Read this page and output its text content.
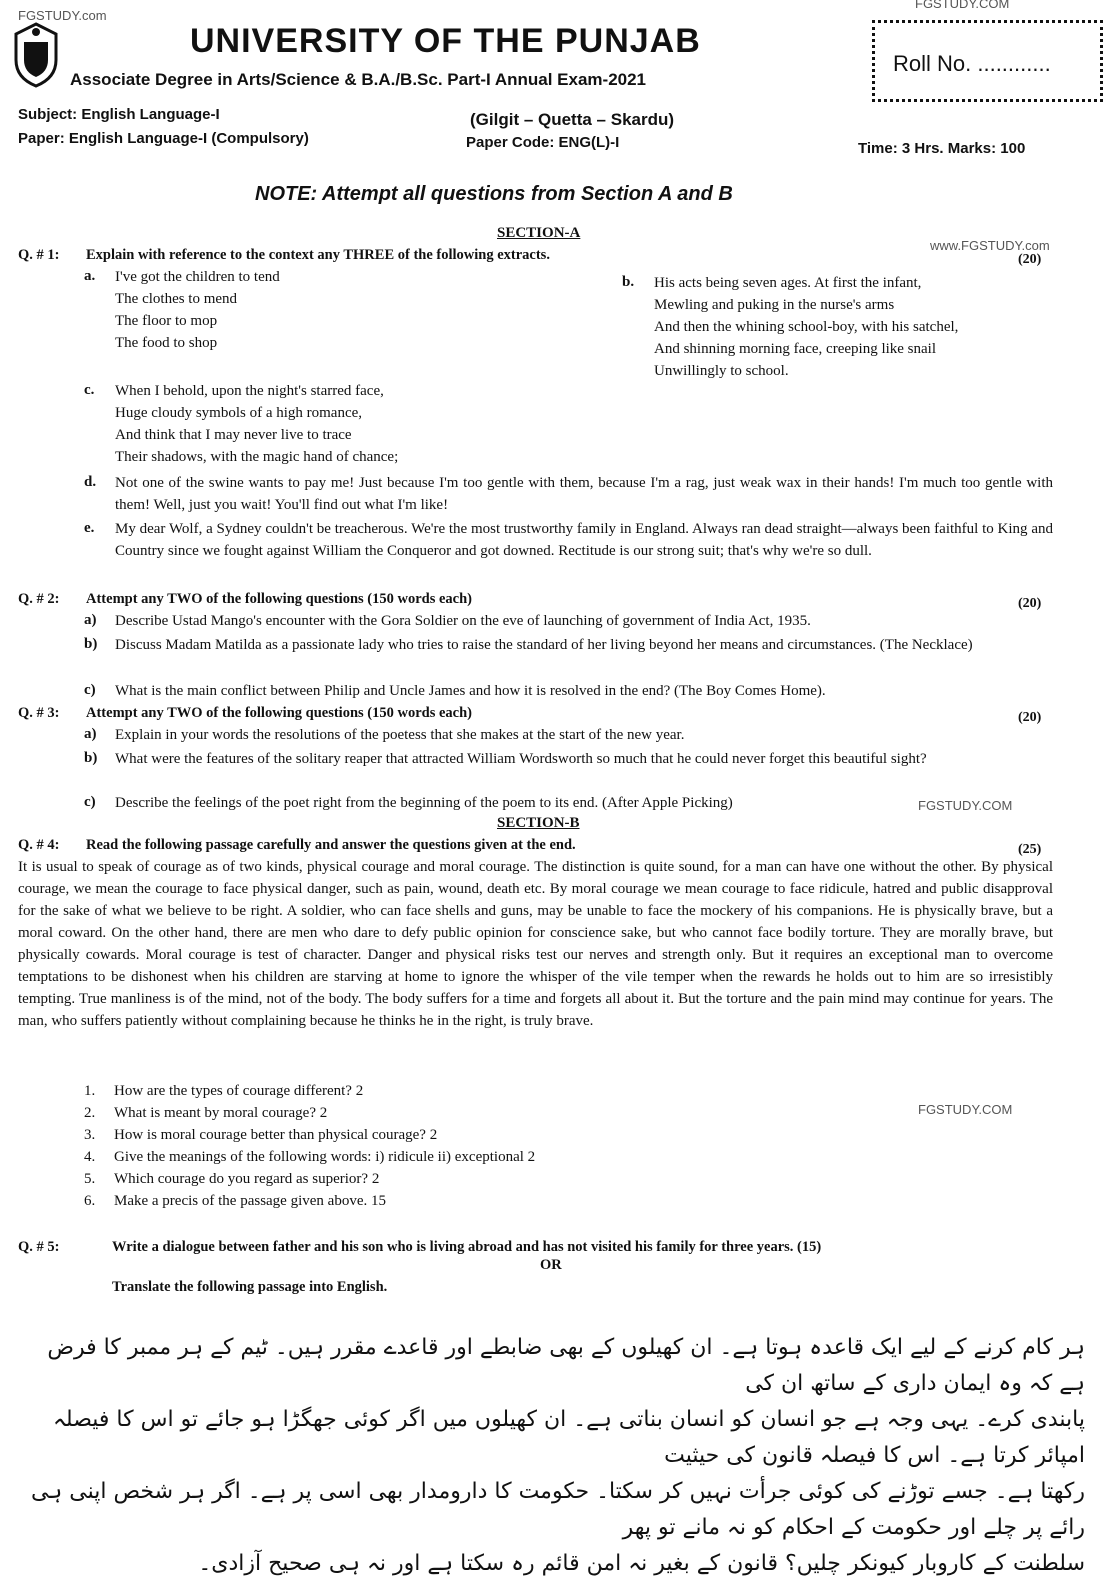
FGSTUDY.com
FGSTUDY.COM
www.FGSTUDY.com
FGSTUDY.COM
FGSTUDY.COM
UNIVERSITY OF THE PUNJAB
Associate Degree in Arts/Science & B.A./B.Sc. Part-I Annual Exam-2021
Roll No. ............
Subject: English Language-I
Paper: English Language-I (Compulsory)
(Gilgit – Quetta – Skardu)
Paper Code: ENG(L)-I	Time: 3 Hrs. Marks: 100
NOTE: Attempt all questions from Section A and B
SECTION-A
Q. # 1: Explain with reference to the context any THREE of the following extracts.	(20)
a. I've got the children to tend
The clothes to mend
The floor to mop
The food to shop
b. His acts being seven ages. At first the infant,
Mewling and puking in the nurse's arms
And then the whining school-boy, with his satchel,
And shinning morning face, creeping like snail
Unwillingly to school.
c. When I behold, upon the night's starred face,
Huge cloudy symbols of a high romance,
And think that I may never live to trace
Their shadows, with the magic hand of chance;
d. Not one of the swine wants to pay me! Just because I'm too gentle with them, because I'm a rag, just weak wax in their hands! I'm much too gentle with them! Well, just you wait! You'll find out what I'm like!
e. My dear Wolf, a Sydney couldn't be treacherous. We're the most trustworthy family in England. Always ran dead straight—always been faithful to King and Country since we fought against William the Conqueror and got downed. Rectitude is our strong suit; that's why we're so dull.
Q. # 2: Attempt any TWO of the following questions (150 words each)	(20)
a) Describe Ustad Mango's encounter with the Gora Soldier on the eve of launching of government of India Act, 1935.
b) Discuss Madam Matilda as a passionate lady who tries to raise the standard of her living beyond her means and circumstances. (The Necklace)
c) What is the main conflict between Philip and Uncle James and how it is resolved in the end? (The Boy Comes Home).
Q. # 3: Attempt any TWO of the following questions (150 words each)	(20)
a) Explain in your words the resolutions of the poetess that she makes at the start of the new year.
b) What were the features of the solitary reaper that attracted William Wordsworth so much that he could never forget this beautiful sight?
c) Describe the feelings of the poet right from the beginning of the poem to its end. (After Apple Picking)
SECTION-B
Q. # 4: Read the following passage carefully and answer the questions given at the end.	(25)
It is usual to speak of courage as of two kinds, physical courage and moral courage. The distinction is quite sound, for a man can have one without the other. By physical courage, we mean the courage to face physical danger, such as pain, wound, death etc. By moral courage we mean courage to face ridicule, hatred and public disapproval for the sake of what we believe to be right. A soldier, who can face shells and guns, may be unable to face the mockery of his companions. He is physically brave, but a moral coward. On the other hand, there are men who dare to defy public opinion for conscience sake, but who cannot face bodily torture. They are morally brave, but physically cowards. Moral courage is test of character. Danger and physical risks test our nerves and strength only. But it requires an exceptional man to overcome temptations to be dishonest when his children are starving at home to ignore the whisper of the vile temper when the rewards he holds out to him are so irresistibly tempting. True manliness is of the mind, not of the body. The body suffers for a time and forgets all about it. But the torture and the pain mind may continue for years. The man, who suffers patiently without complaining because he thinks he in the right, is truly brave.
1. How are the types of courage different? 2
2. What is meant by moral courage? 2
3. How is moral courage better than physical courage? 2
4. Give the meanings of the following words: i) ridicule ii) exceptional 2
5. Which courage do you regard as superior? 2
6. Make a precis of the passage given above. 15
Q. # 5:	Write a dialogue between father and his son who is living abroad and has not visited his family for three years. (15)
OR
Translate the following passage into English.
ہر کام کرنے کے لیے ایک قاعدہ ہوتا ہے۔ ان کھیلوں کے بھی ضابطے اور قاعدے مقرر ہیں۔ ٹیم کے ہر ممبر کا فرض ہے کہ وہ ایمان داری کے ساتھ ان کی
پابندی کرے۔ یہی وجہ ہے جو انسان کو انسان بناتی ہے۔ ان کھیلوں میں اگر کوئی جھگڑا ہو جائے تو اس کا فیصلہ امپائر کرتا ہے۔ اس کا فیصلہ قانون کی حیثیت
رکھتا ہے۔ جسے توڑنے کی کوئی جرأت نہیں کر سکتا۔ حکومت کا دارومدار بھی اسی پر ہے۔ اگر ہر شخص اپنی ہی رائے پر چلے اور حکومت کے احکام کو نہ مانے تو پھر
سلطنت کے کاروبار کیونکر چلیں؟ قانون کے بغیر نہ امن قائم رہ سکتا ہے اور نہ ہی صحیح آزادی۔
